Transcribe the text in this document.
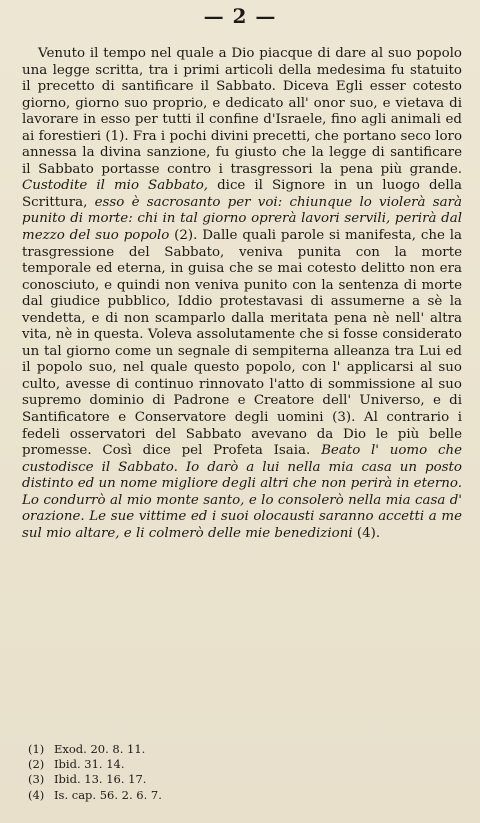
— 2 —

Venuto il tempo nel quale a Dio piacque di dare al suo popolo una legge scritta, tra i primi articoli della medesima fu statuito il precetto di santificare il Sabbato. Diceva Egli esser cotesto giorno, giorno suo proprio, e dedicato all' onor suo, e vietava di lavorare in esso per tutti il confine d'Israele, fino agli animali ed ai forestieri (1). Fra i pochi divini precetti, che portano seco loro annessa la divina sanzione, fu giusto che la legge di santificare il Sabbato portasse contro i trasgressori la pena più grande. Custodite il mio Sabbato, dice il Signore in un luogo della Scrittura, esso è sacrosanto per voi: chiunque lo violerà sarà punito di morte: chi in tal giorno oprerà lavori servili, perirà dal mezzo del suo popolo (2). Dalle quali parole si manifesta, che la trasgressione del Sabbato, veniva punita con la morte temporale ed eterna, in guisa che se mai cotesto delitto non era conosciuto, e quindi non veniva punito con la sentenza di morte dal giudice pubblico, Iddio protestavasi di assumerne a sè la vendetta, e di non scamparlo dalla meritata pena nè nell' altra vita, nè in questa. Voleva assolutamente che si fosse considerato un tal giorno come un segnale di sempiterna alleanza tra Lui ed il popolo suo, nel quale questo popolo, con l' applicarsi al suo culto, avesse di continuo rinnovato l'atto di sommissione al suo supremo dominio di Padrone e Creatore dell' Universo, e di Santificatore e Conservatore degli uomini (3). Al contrario i fedeli osservatori del Sabbato avevano da Dio le più belle promesse. Così dice pel Profeta Isaia. Beato l' uomo che custodisce il Sabbato. Io darò a lui nella mia casa un posto distinto ed un nome migliore degli altri che non perirà in eterno. Lo condurrò al mio monte santo, e lo consolerò nella mia casa d' orazione. Le sue vittime ed i suoi olocausti saranno accetti a me sul mio altare, e li colmerò delle mie benedizioni (4).

(1) Exod. 20. 8. 11.
(2) Ibid. 31. 14.
(3) Ibid. 13. 16. 17.
(4) Is. cap. 56. 2. 6. 7.
